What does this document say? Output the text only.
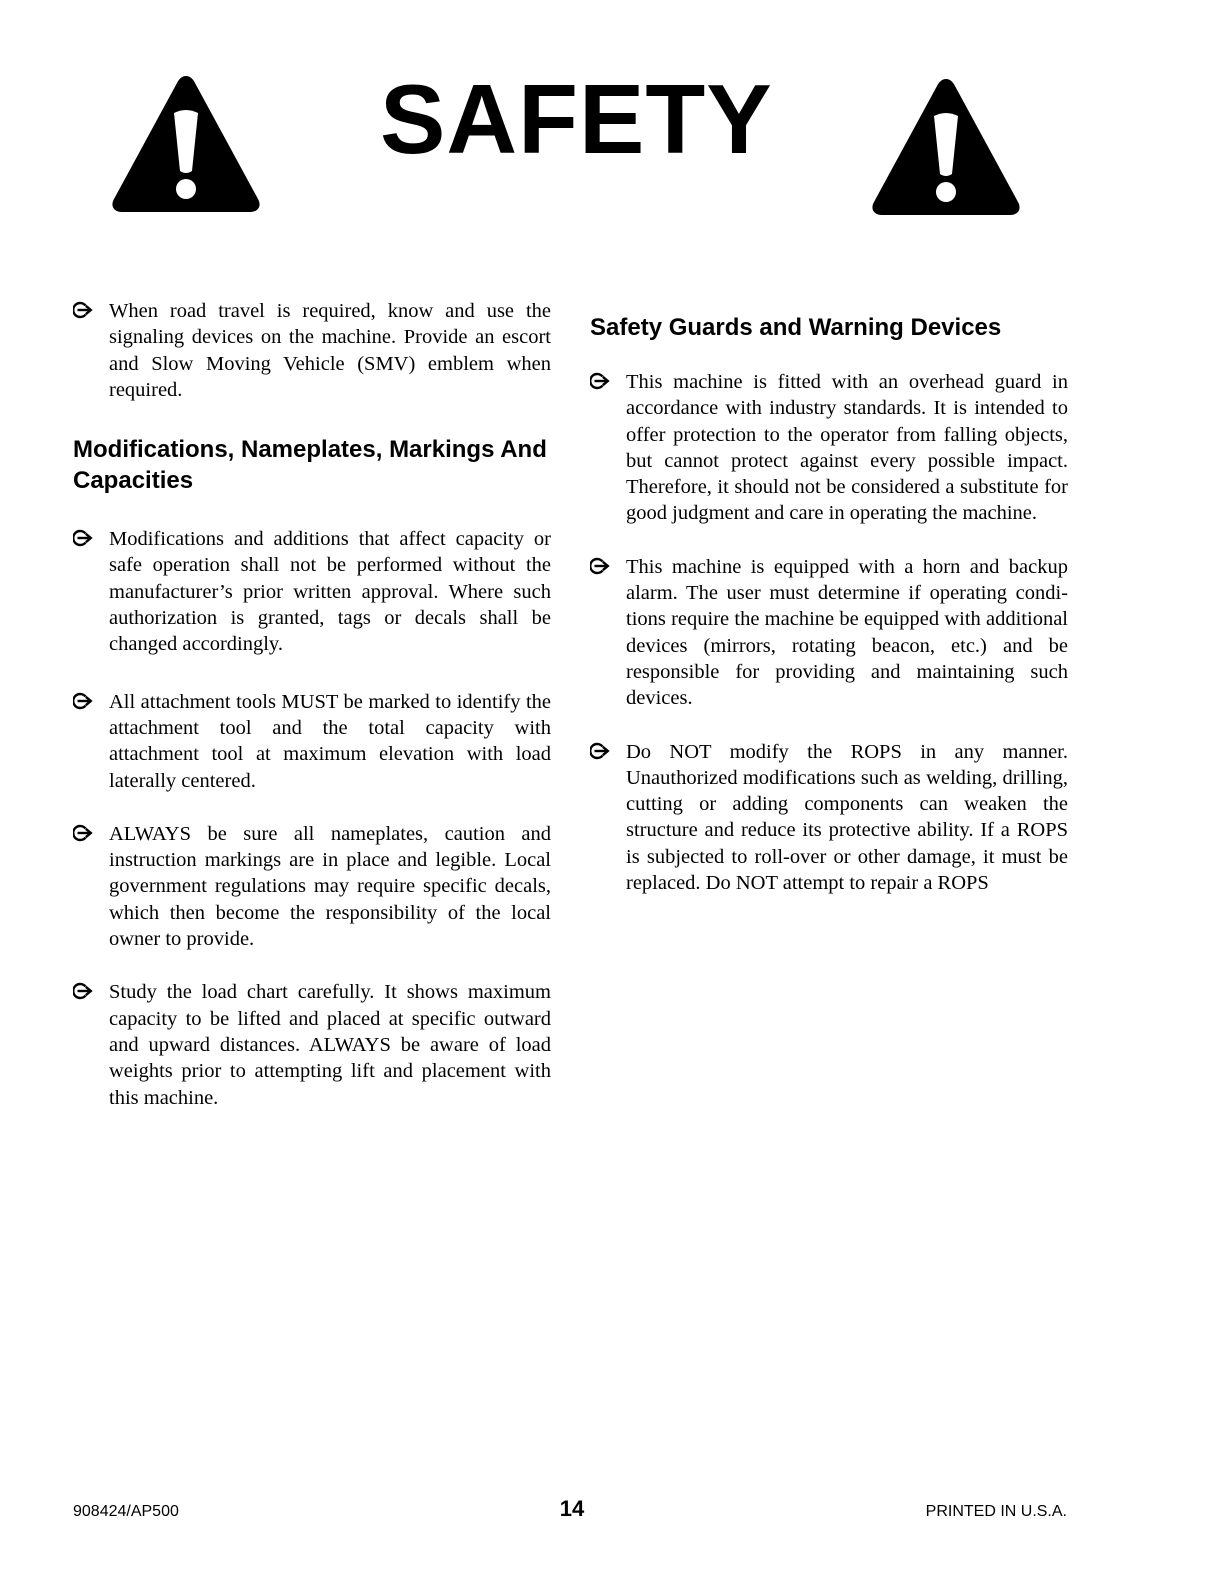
SAFETY

When road travel is required, know and use the signaling devices on the machine. Provide an escort and Slow Moving Vehicle (SMV) emblem when required.

Modifications, Nameplates, Markings And Capacities

Modifications and additions that affect capacity or safe operation shall not be performed without the manufacturer’s prior written approval. Where such authorization is granted, tags or decals shall be changed accordingly.

All attachment tools MUST be marked to identify the attachment tool and the total capacity with attachment tool at maximum elevation with load laterally centered.

ALWAYS be sure all nameplates, caution and instruction markings are in place and legible. Local government regulations may require specific decals, which then become the responsibility of the local owner to provide.

Study the load chart carefully. It shows maximum capacity to be lifted and placed at specific outward and upward distances. ALWAYS be aware of load weights prior to attempting lift and placement with this machine.

Safety Guards and Warning Devices

This machine is fitted with an overhead guard in accordance with industry standards. It is intended to offer protection to the operator from falling objects, but cannot protect against every possible impact. Therefore, it should not be considered a substitute for good judgment and care in operating the machine.

This machine is equipped with a horn and backup alarm. The user must determine if operating conditions require the machine be equipped with additional devices (mirrors, rotating beacon, etc.) and be responsible for providing and maintaining such devices.

Do NOT modify the ROPS in any manner. Unauthorized modifications such as welding, drilling, cutting or adding components can weaken the structure and reduce its protective ability. If a ROPS is subjected to roll-over or other damage, it must be replaced. Do NOT attempt to repair a ROPS

908424/AP500	14	PRINTED IN U.S.A.
